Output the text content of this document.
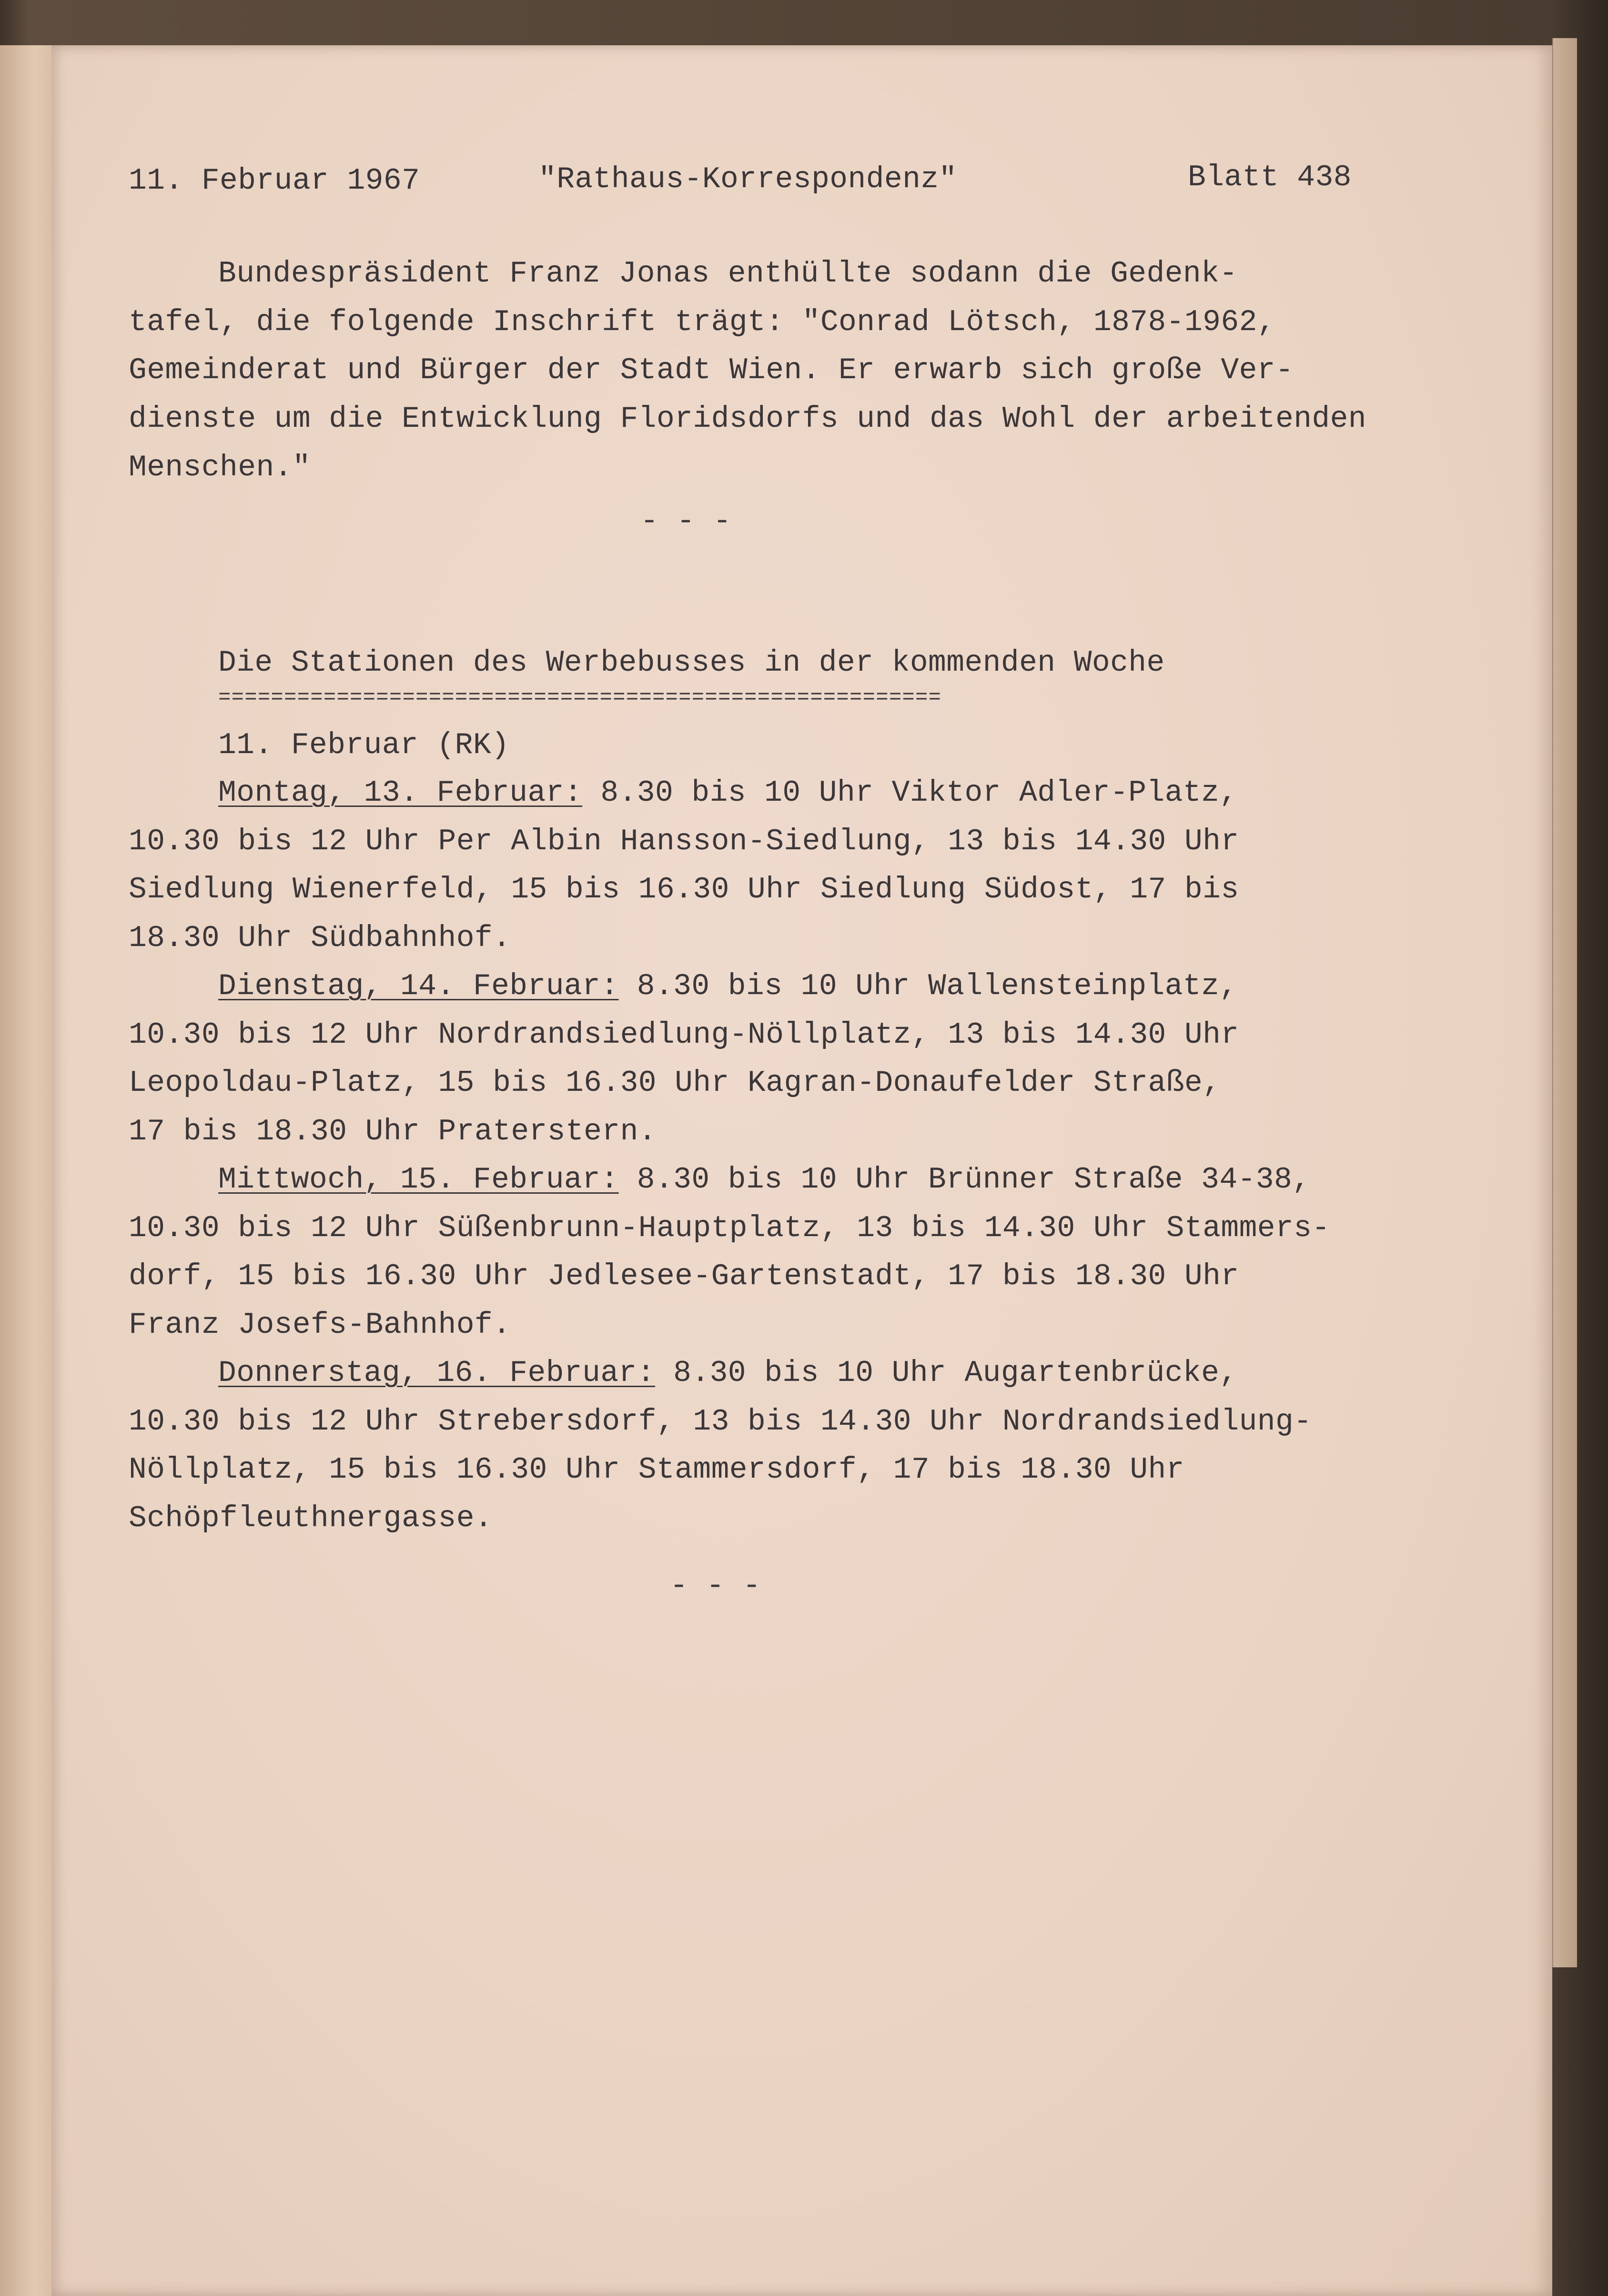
11. Februar 1967	"Rathaus-Korrespondenz"	Blatt 438
Bundespräsident Franz Jonas enthüllte sodann die Gedenk-
tafel, die folgende Inschrift trägt: "Conrad Lötsch, 1878-1962,
Gemeinderat und Bürger der Stadt Wien. Er erwarb sich große Ver-
dienste um die Entwicklung Floridsdorfs und das Wohl der arbeitenden
Menschen."
- - -
Die Stationen des Werbebusses in der kommenden Woche
=======================================================
11. Februar (RK)
Montag, 13. Februar: 8.30 bis 10 Uhr Viktor Adler-Platz,
10.30 bis 12 Uhr Per Albin Hansson-Siedlung, 13 bis 14.30 Uhr
Siedlung Wienerfeld, 15 bis 16.30 Uhr Siedlung Südost, 17 bis
18.30 Uhr Südbahnhof.
Dienstag, 14. Februar: 8.30 bis 10 Uhr Wallensteinplatz,
10.30 bis 12 Uhr Nordrandsiedlung-Nöllplatz, 13 bis 14.30 Uhr
Leopoldau-Platz, 15 bis 16.30 Uhr Kagran-Donaufelder Straße,
17 bis 18.30 Uhr Praterstern.
Mittwoch, 15. Februar: 8.30 bis 10 Uhr Brünner Straße 34-38,
10.30 bis 12 Uhr Süßenbrunn-Hauptplatz, 13 bis 14.30 Uhr Stammers-
dorf, 15 bis 16.30 Uhr Jedlesee-Gartenstadt, 17 bis 18.30 Uhr
Franz Josefs-Bahnhof.
Donnerstag, 16. Februar: 8.30 bis 10 Uhr Augartenbrücke,
10.30 bis 12 Uhr Strebersdorf, 13 bis 14.30 Uhr Nordrandsiedlung-
Nöllplatz, 15 bis 16.30 Uhr Stammersdorf, 17 bis 18.30 Uhr
Schöpfleuthnergasse.
- - -
